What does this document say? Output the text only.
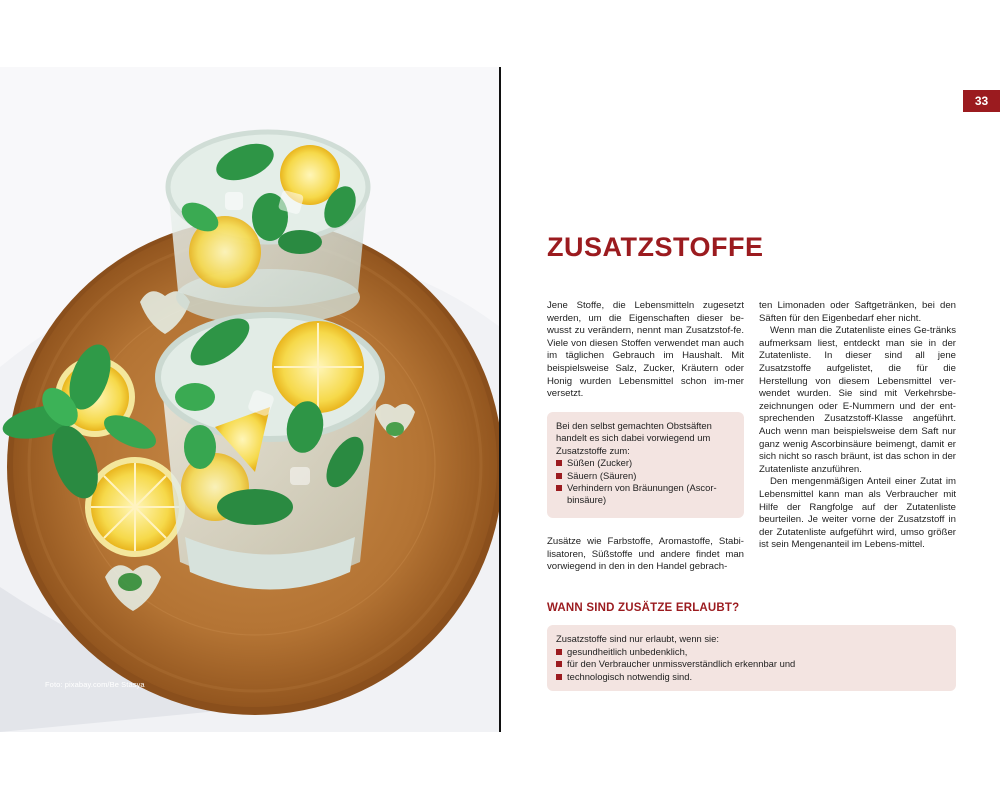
Foto: pixabay.com/Be Stasya
33
ZUSATZSTOFFE

Jene Stoffe, die Lebensmitteln zugesetzt werden, um die Eigenschaften dieser be-wusst zu verändern, nennt man Zusatzstof-fe. Viele von diesen Stoffen verwendet man auch im täglichen Gebrauch im Haushalt. Mit beispielsweise Salz, Zucker, Kräutern oder Honig wurden Lebensmittel schon im-mer versetzt.

Bei den selbst gemachten Obstsäften handelt es sich dabei vorwiegend um Zusatzstoffe zum:

Süßen (Zucker)
Säuern (Säuren)
Verhindern von Bräunungen (Ascor-binsäure)

Zusätze wie Farbstoffe, Aromastoffe, Stabi-lisatoren, Süßstoffe und andere findet man vorwiegend in den in den Handel gebrach-

ten Limonaden oder Saftgetränken, bei den Säften für den Eigenbedarf eher nicht.

Wenn man die Zutatenliste eines Ge-tränks aufmerksam liest, entdeckt man sie in der Zutatenliste. In dieser sind all jene Zusatzstoffe aufgelistet, die für die Herstellung von diesem Lebensmittel ver-wendet wurden. Sie sind mit Verkehrsbe-zeichnungen oder E-Nummern und der ent-sprechenden Zusatzstoff-Klasse angeführt. Auch wenn man beispielsweise dem Saft nur ganz wenig Ascorbinsäure beimengt, damit er sich nicht so rasch bräunt, ist das schon in der Zutatenliste anzuführen.

Den mengenmäßigen Anteil einer Zutat im Lebensmittel kann man als Verbraucher mit Hilfe der Rangfolge auf der Zutatenliste beurteilen. Je weiter vorne der Zusatzstoff in der Zutatenliste aufgeführt wird, umso größer ist sein Mengenanteil im Lebens-mittel.

WANN SIND ZUSÄTZE ERLAUBT?

Zusatzstoffe sind nur erlaubt, wenn sie:

gesundheitlich unbedenklich,
für den Verbraucher unmissverständlich erkennbar und
technologisch notwendig sind.
